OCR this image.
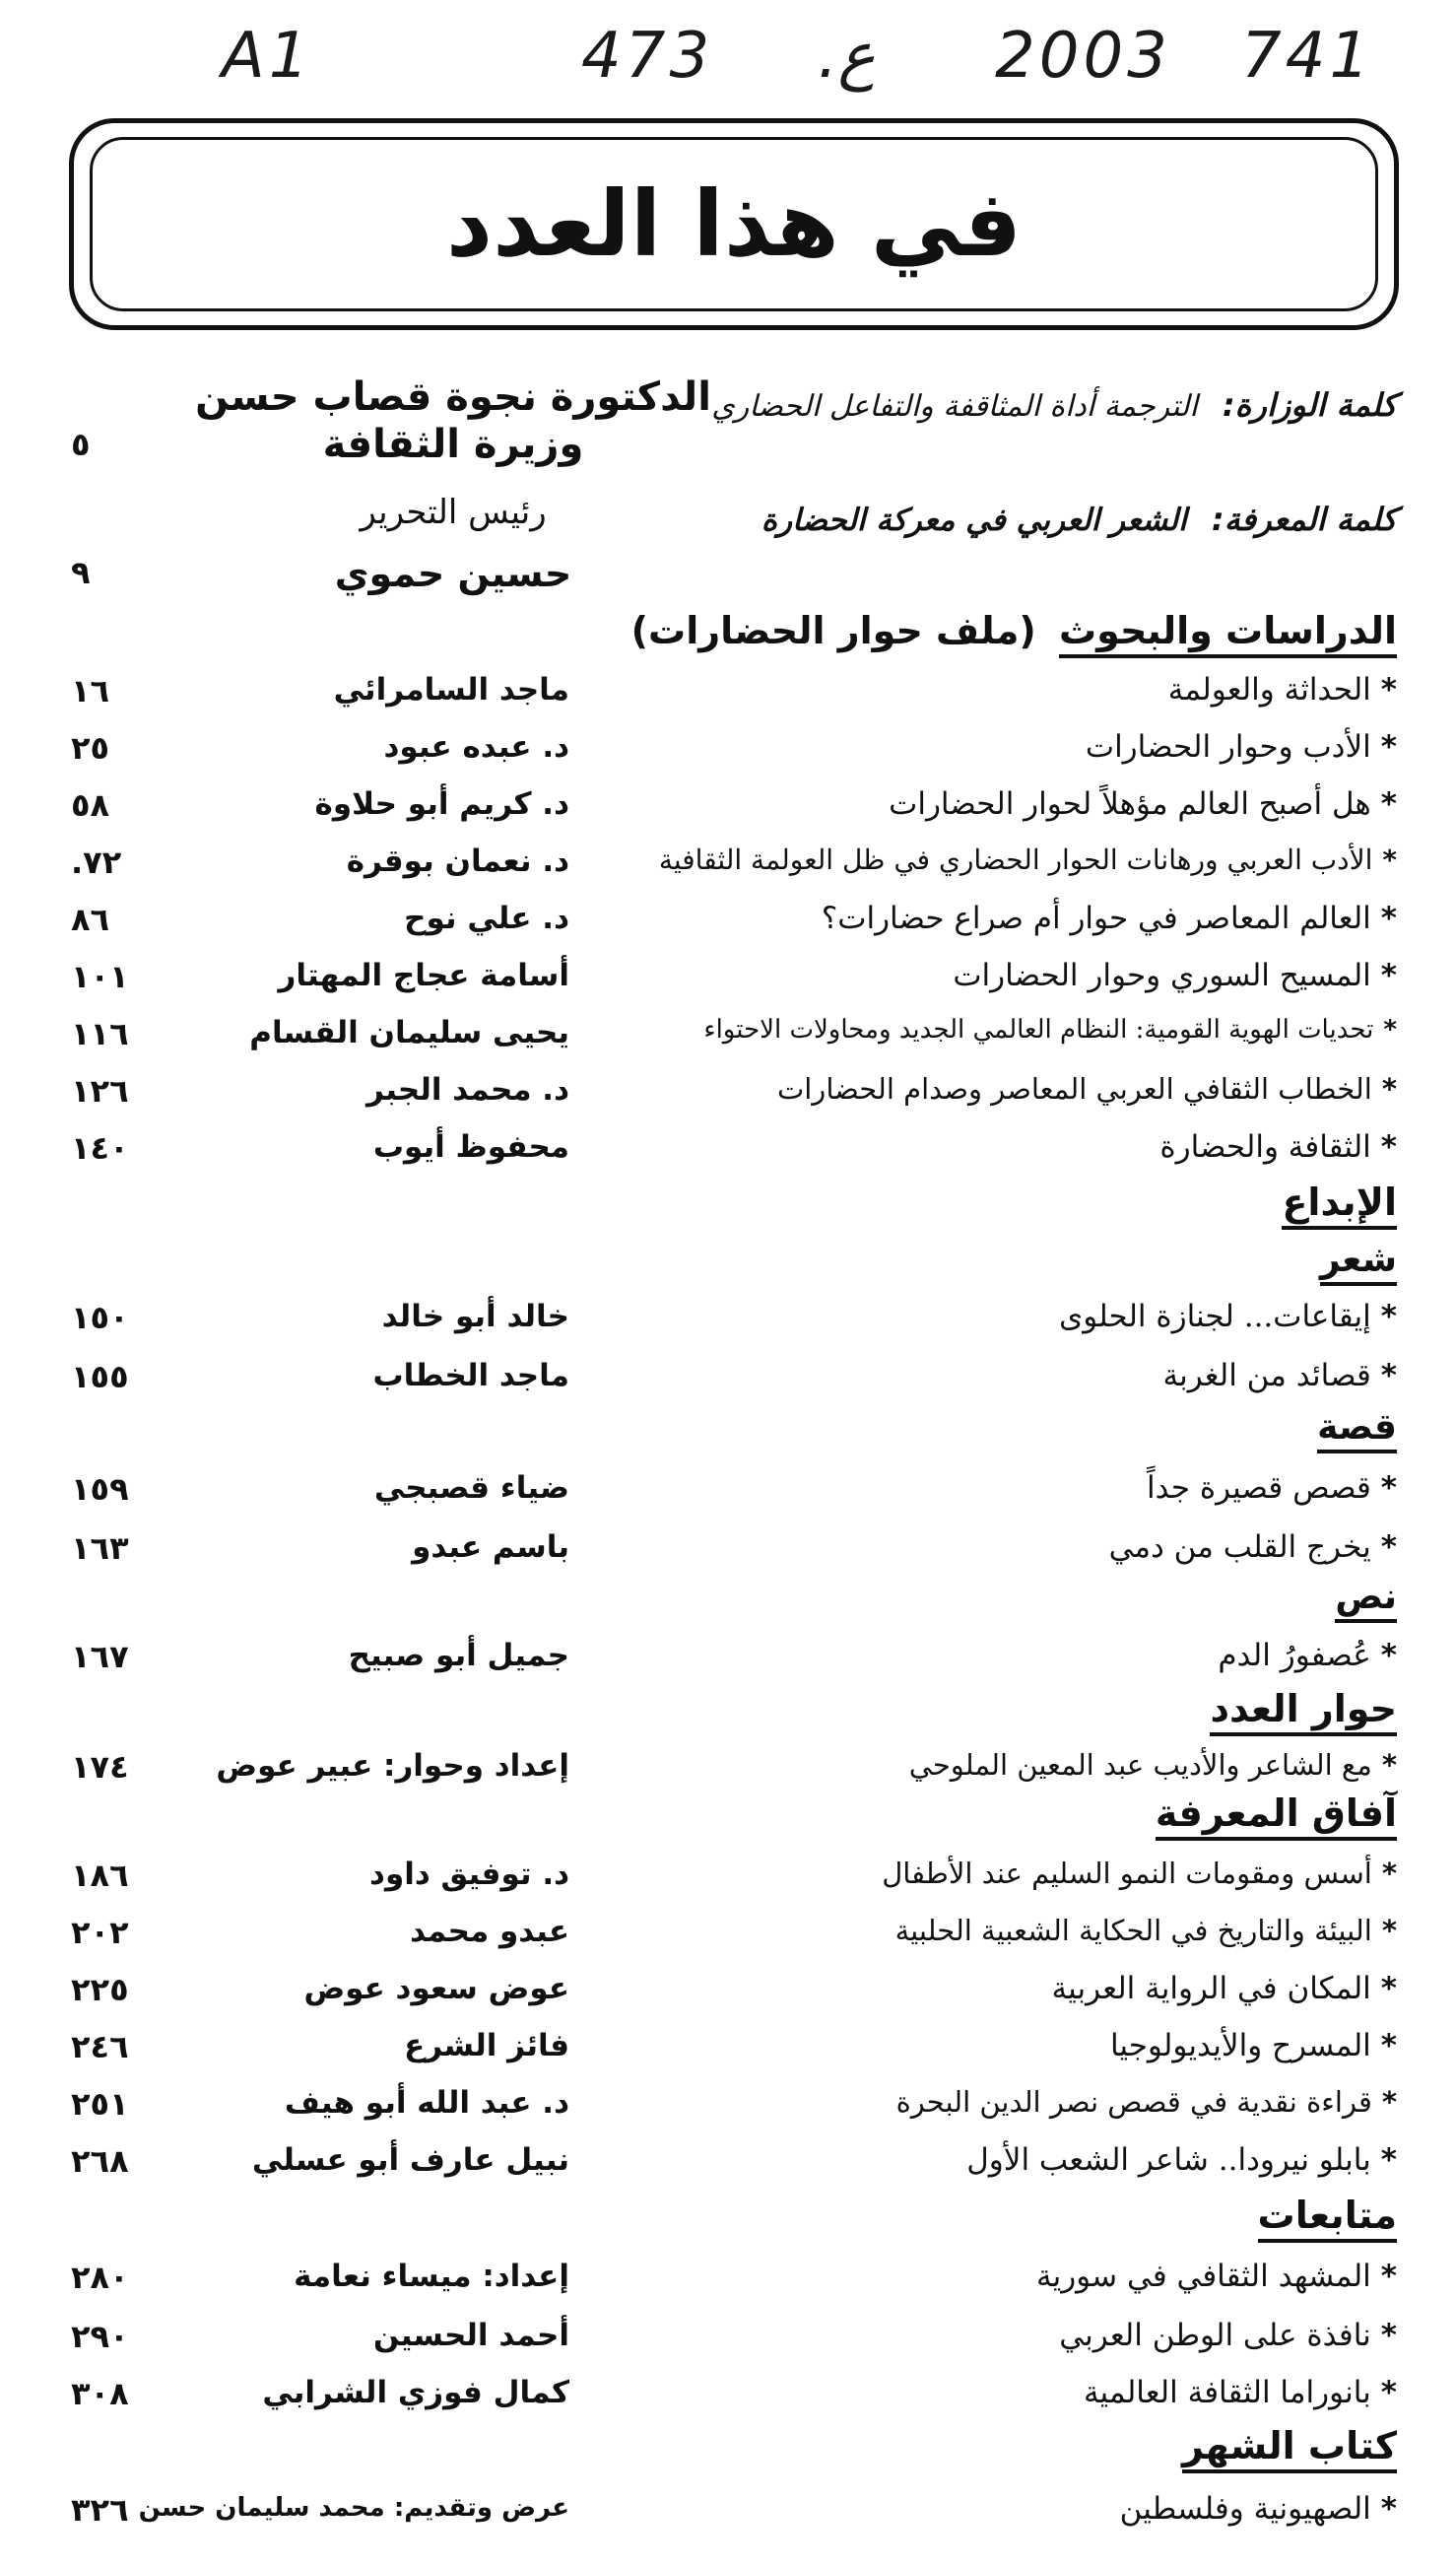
A1	473 .ع 2003 741
في هذا العدد
كلمة الوزارة: الترجمة أداة المثاقفة والتفاعل الحضاري
كلمة المعرفة: الشعر العربي في معركة الحضارة
الدكتورة نجوة قصاب حسن
وزيرة الثقافة
٥
رئيس التحرير
حسين حموي
٩
الدراسات والبحوث (ملف حوار الحضارات)
*الحداثة والعولمة
ماجد السامرائي
١٦
*الأدب وحوار الحضارات
د. عبده عبود
٢٥
*هل أصبح العالم مؤهلاً لحوار الحضارات
د. كريم أبو حلاوة
٥٨
*الأدب العربي ورهانات الحوار الحضاري في ظل العولمة الثقافية
د. نعمان بوقرة
٧٢.
*العالم المعاصر في حوار أم صراع حضارات؟
د. علي نوح
٨٦
*المسيح السوري وحوار الحضارات
أسامة عجاج المهتار
١٠١
*تحديات الهوية القومية: النظام العالمي الجديد ومحاولات الاحتواء
يحيى سليمان القسام
١١٦
*الخطاب الثقافي العربي المعاصر وصدام الحضارات
د. محمد الجبر
١٢٦
*الثقافة والحضارة
محفوظ أيوب
١٤٠
الإبداع
شعر
*إيقاعات... لجنازة الحلوى
خالد أبو خالد
١٥٠
*قصائد من الغربة
ماجد الخطاب
١٥٥
قصة
*قصص قصيرة جداً
ضياء قصبجي
١٥٩
*يخرج القلب من دمي
باسم عبدو
١٦٣
نص
*عُصفورُ الدم
جميل أبو صبيح
١٦٧
حوار العدد
*مع الشاعر والأديب عبد المعين الملوحي
إعداد وحوار: عبير عوض
١٧٤
آفاق المعرفة
*أسس ومقومات النمو السليم عند الأطفال
د. توفيق داود
١٨٦
*البيئة والتاريخ في الحكاية الشعبية الحلبية
عبدو محمد
٢٠٢
*المكان في الرواية العربية
عوض سعود عوض
٢٢٥
*المسرح والأيديولوجيا
فائز الشرع
٢٤٦
*قراءة نقدية في قصص نصر الدين البحرة
د. عبد الله أبو هيف
٢٥١
*بابلو نيرودا.. شاعر الشعب الأول
نبيل عارف أبو عسلي
٢٦٨
متابعات
*المشهد الثقافي في سورية
إعداد: ميساء نعامة
٢٨٠
*نافذة على الوطن العربي
أحمد الحسين
٢٩٠
*بانوراما الثقافة العالمية
كمال فوزي الشرابي
٣٠٨
كتاب الشهر
*الصهيونية وفلسطين
عرض وتقديم: محمد سليمان حسن
٣٢٦
